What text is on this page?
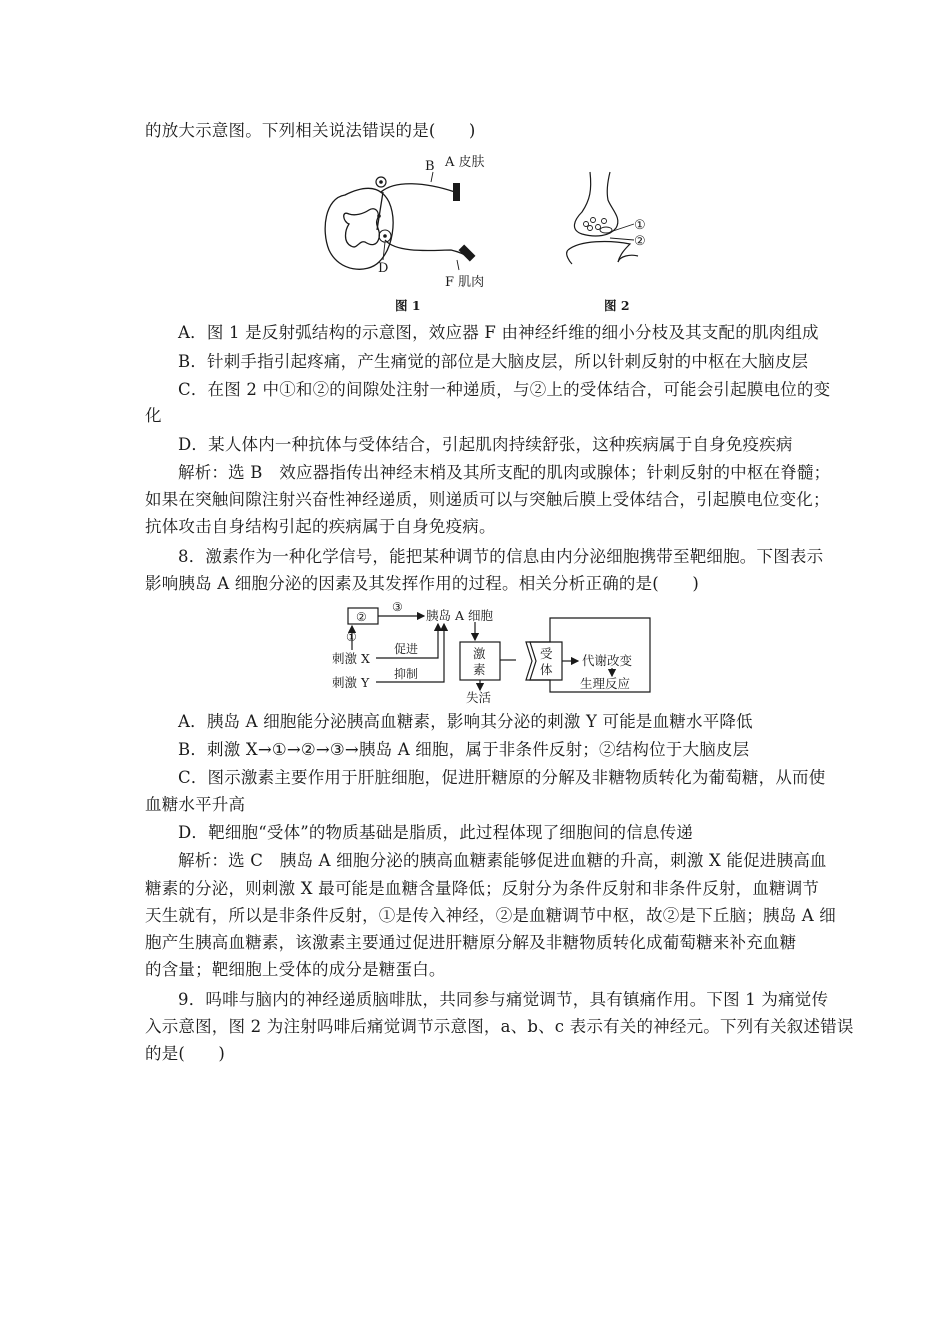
的放大示意图。下列相关说法错误的是(　　)
B A 皮肤
D
F 肌肉
图 1
①
②
图 2
A．图 1 是反射弧结构的示意图，效应器 F 由神经纤维的细小分枝及其支配的肌肉组成
B．针刺手指引起疼痛，产生痛觉的部位是大脑皮层，所以针刺反射的中枢在大脑皮层
C．在图 2 中①和②的间隙处注射一种递质，与②上的受体结合，可能会引起膜电位的变
化
D．某人体内一种抗体与受体结合，引起肌肉持续舒张，这种疾病属于自身免疫疾病
解析：选 B　效应器指传出神经末梢及其所支配的肌肉或腺体；针刺反射的中枢在脊髓；
如果在突触间隙注射兴奋性神经递质，则递质可以与突触后膜上受体结合，引起膜电位变化；
抗体攻击自身结构引起的疾病属于自身免疫病。
8．激素作为一种化学信号，能把某种调节的信息由内分泌细胞携带至靶细胞。下图表示
影响胰岛 A 细胞分泌的因素及其发挥作用的过程。相关分析正确的是(　　)
②
③
①
胰岛 A 细胞
刺激 X
刺激 Y
促进
抑制
激
素
失活
受
体
代谢改变
生理反应
A．胰岛 A 细胞能分泌胰高血糖素，影响其分泌的刺激 Y 可能是血糖水平降低
B．刺激 X→①→②→③→胰岛 A 细胞，属于非条件反射；②结构位于大脑皮层
C．图示激素主要作用于肝脏细胞，促进肝糖原的分解及非糖物质转化为葡萄糖，从而使
血糖水平升高
D．靶细胞“受体”的物质基础是脂质，此过程体现了细胞间的信息传递
解析：选 C　胰岛 A 细胞分泌的胰高血糖素能够促进血糖的升高，刺激 X 能促进胰高血
糖素的分泌，则刺激 X 最可能是血糖含量降低；反射分为条件反射和非条件反射，血糖调节
天生就有，所以是非条件反射，①是传入神经，②是血糖调节中枢，故②是下丘脑；胰岛 A 细
胞产生胰高血糖素，该激素主要通过促进肝糖原分解及非糖物质转化成葡萄糖来补充血糖
的含量；靶细胞上受体的成分是糖蛋白。
9．吗啡与脑内的神经递质脑啡肽，共同参与痛觉调节，具有镇痛作用。下图 1 为痛觉传
入示意图，图 2 为注射吗啡后痛觉调节示意图，a、b、c 表示有关的神经元。下列有关叙述错误
的是(　　)
